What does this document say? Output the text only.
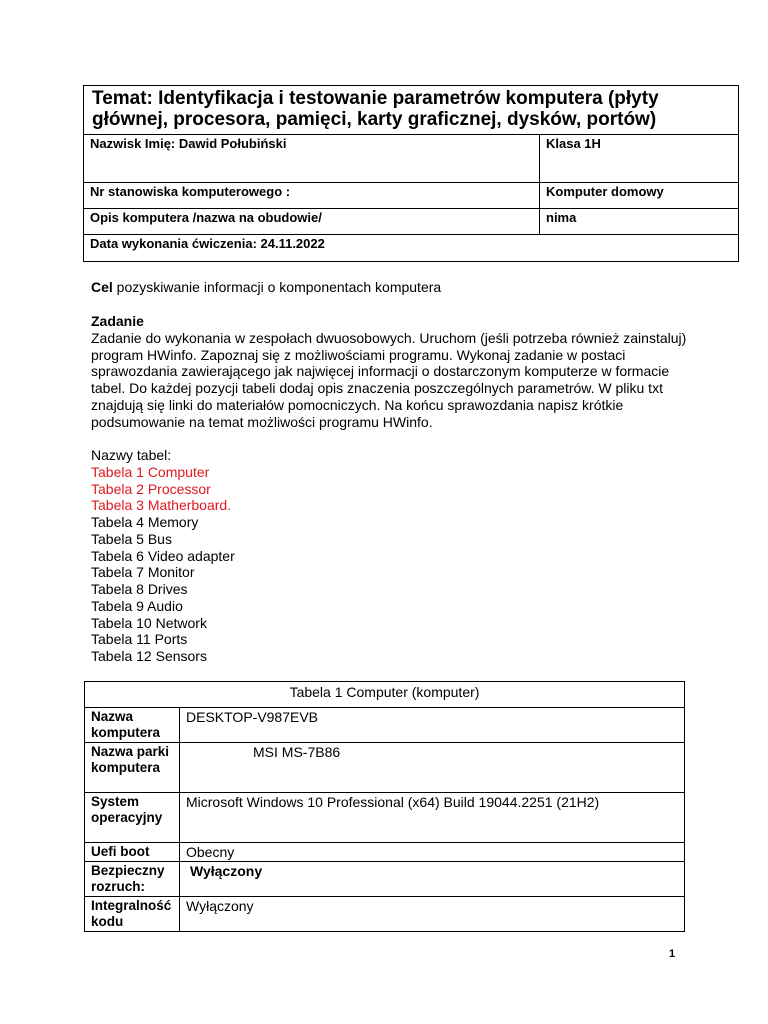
Temat: Identyfikacja i testowanie parametrów komputera (płyty głównej, procesora, pamięci, karty graficznej, dysków, portów)	
Nazwisk Imię: Dawid Połubiński	Klasa 1H
Nr stanowiska komputerowego :	Komputer domowy
Opis komputera /nazwa na obudowie/	nima
Data wykonania ćwiczenia: 24.11.2022	
Cel pozyskiwanie informacji o komponentach komputera
Zadanie
Zadanie do wykonania w zespołach dwuosobowych. Uruchom (jeśli potrzeba również zainstaluj) program HWinfo. Zapoznaj się z możliwościami programu. Wykonaj zadanie w postaci sprawozdania zawierającego jak najwięcej informacji o dostarczonym komputerze w formacie tabel. Do każdej pozycji tabeli dodaj opis znaczenia poszczególnych parametrów. W pliku txt znajdują się linki do materiałów pomocniczych. Na końcu sprawozdania napisz krótkie podsumowanie na temat możliwości programu HWinfo.
Nazwy tabel:
Tabela 1 Computer
Tabela 2 Processor
Tabela 3 Matherboard.
Tabela 4 Memory
Tabela 5 Bus
Tabela 6 Video adapter
Tabela 7 Monitor
Tabela 8 Drives
Tabela 9 Audio
Tabela 10 Network
Tabela 11 Ports
Tabela 12 Sensors
Tabela 1 Computer (komputer)	
Nazwa komputera	DESKTOP-V987EVB
Nazwa parki komputera	MSI MS-7B86
System operacyjny	Microsoft Windows 10 Professional (x64) Build 19044.2251 (21H2)
Uefi boot	Obecny
Bezpieczny rozruch:	Wyłączony
Integralność kodu	Wyłączony
1
